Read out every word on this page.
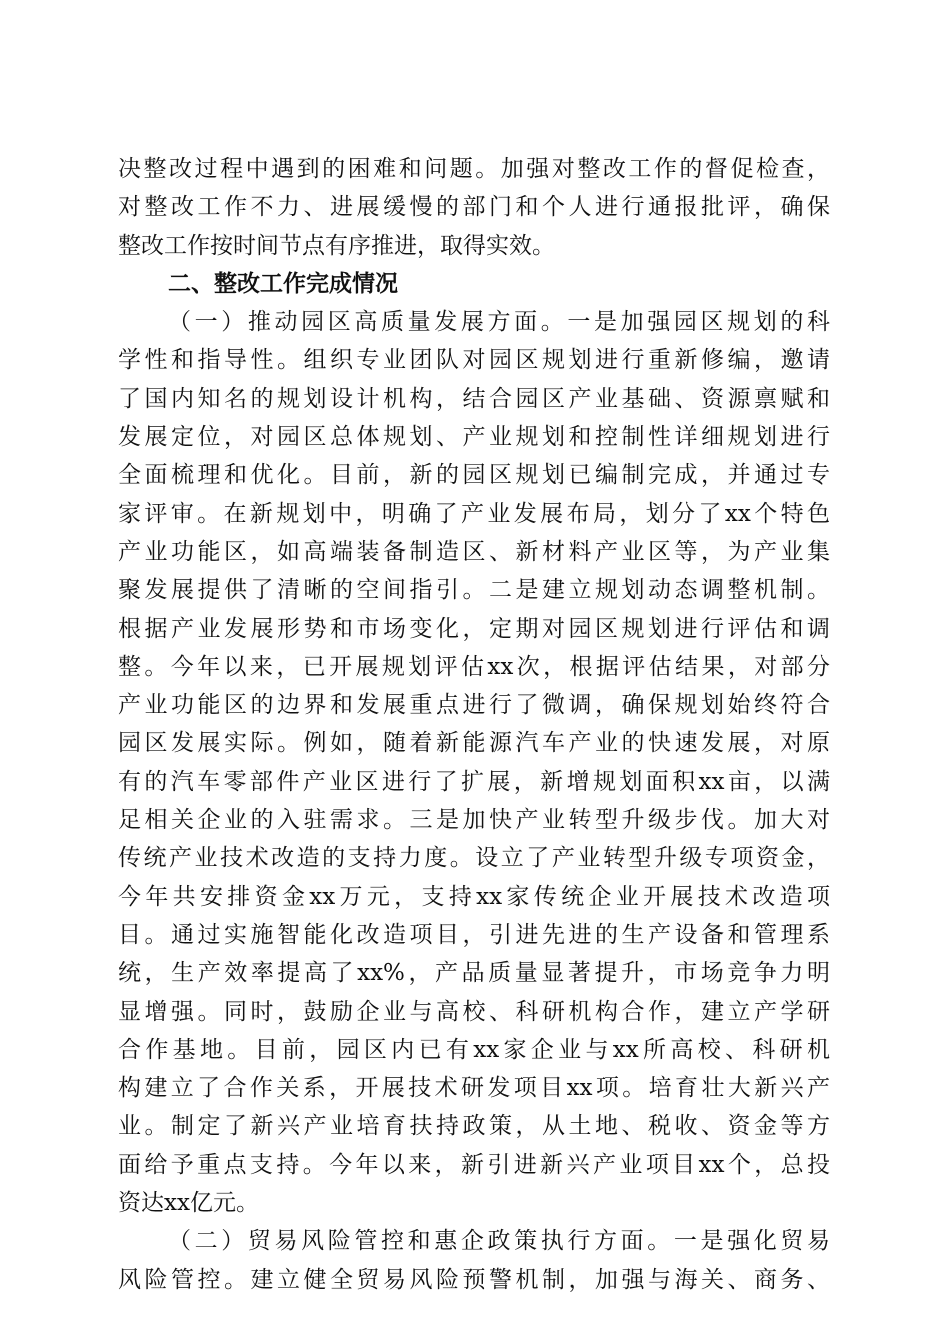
决整改过程中遇到的困难和问题。加强对整改工作的督促检查，
对整改工作不力、进展缓慢的部门和个人进行通报批评，确保
整改工作按时间节点有序推进，取得实效。
二、整改工作完成情况
（一）推动园区高质量发展方面。一是加强园区规划的科
学性和指导性。组织专业团队对园区规划进行重新修编，邀请
了国内知名的规划设计机构，结合园区产业基础、资源禀赋和
发展定位，对园区总体规划、产业规划和控制性详细规划进行
全面梳理和优化。目前，新的园区规划已编制完成，并通过专
家评审。在新规划中，明确了产业发展布局，划分了xx个特色
产业功能区，如高端装备制造区、新材料产业区等，为产业集
聚发展提供了清晰的空间指引。二是建立规划动态调整机制。
根据产业发展形势和市场变化，定期对园区规划进行评估和调
整。今年以来，已开展规划评估xx次，根据评估结果，对部分
产业功能区的边界和发展重点进行了微调，确保规划始终符合
园区发展实际。例如，随着新能源汽车产业的快速发展，对原
有的汽车零部件产业区进行了扩展，新增规划面积xx亩，以满
足相关企业的入驻需求。三是加快产业转型升级步伐。加大对
传统产业技术改造的支持力度。设立了产业转型升级专项资金，
今年共安排资金xx万元，支持xx家传统企业开展技术改造项
目。通过实施智能化改造项目，引进先进的生产设备和管理系
统，生产效率提高了xx%，产品质量显著提升，市场竞争力明
显增强。同时，鼓励企业与高校、科研机构合作，建立产学研
合作基地。目前，园区内已有xx家企业与xx所高校、科研机
构建立了合作关系，开展技术研发项目xx项。培育壮大新兴产
业。制定了新兴产业培育扶持政策，从土地、税收、资金等方
面给予重点支持。今年以来，新引进新兴产业项目xx个，总投
资达xx亿元。
（二）贸易风险管控和惠企政策执行方面。一是强化贸易
风险管控。建立健全贸易风险预警机制，加强与海关、商务、
